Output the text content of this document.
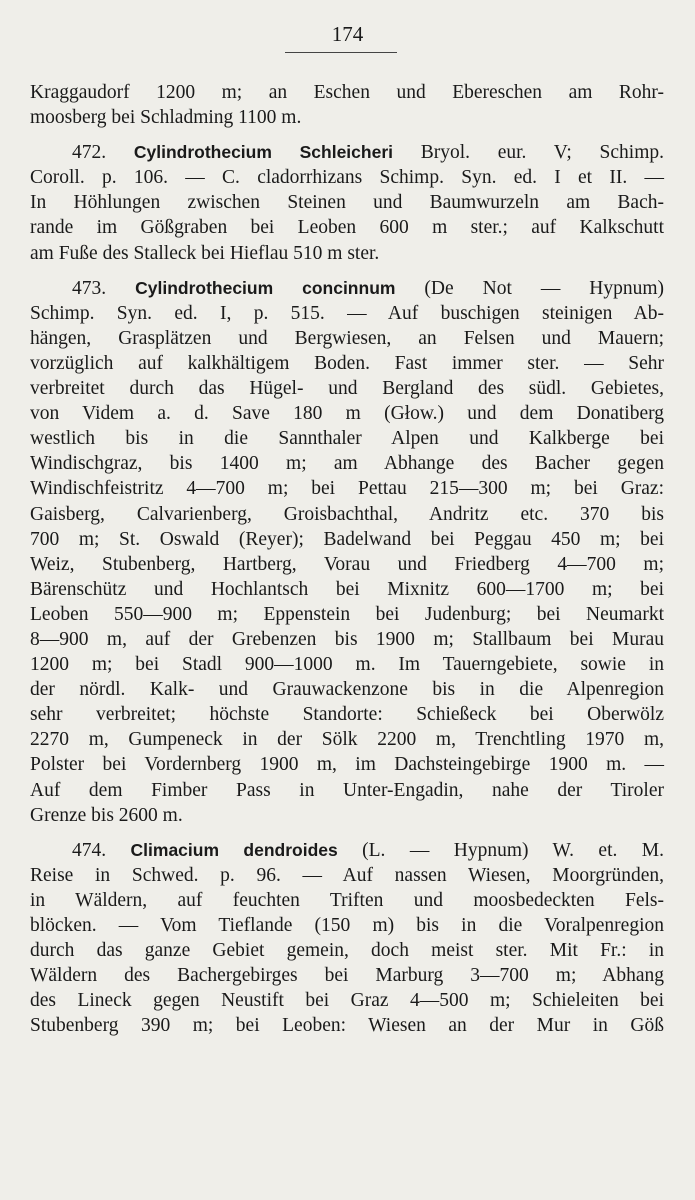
174
Kraggaudorf 1200 m; an Eschen und Ebereschen am Rohr-
moosberg bei Schladming 1100 m.
472. Cylindrothecium Schleicheri Bryol. eur. V; Schimp.
Coroll. p. 106. — C. cladorrhizans Schimp. Syn. ed. I et II. —
In Höhlungen zwischen Steinen und Baumwurzeln am Bach-
rande im Gößgraben bei Leoben 600 m ster.; auf Kalkschutt
am Fuße des Stalleck bei Hieflau 510 m ster.
473. Cylindrothecium concinnum (De Not — Hypnum)
Schimp. Syn. ed. I, p. 515. — Auf buschigen steinigen Ab-
hängen, Grasplätzen und Bergwiesen, an Felsen und Mauern;
vorzüglich auf kalkhältigem Boden. Fast immer ster. — Sehr
verbreitet durch das Hügel- und Bergland des südl. Gebietes,
von Videm a. d. Save 180 m (Głow.) und dem Donatiberg
westlich bis in die Sannthaler Alpen und Kalkberge bei
Windischgraz, bis 1400 m; am Abhange des Bacher gegen
Windischfeistritz 4—700 m; bei Pettau 215—300 m; bei Graz:
Gaisberg, Calvarienberg, Groisbachthal, Andritz etc. 370 bis
700 m; St. Oswald (Reyer); Badelwand bei Peggau 450 m; bei
Weiz, Stubenberg, Hartberg, Vorau und Friedberg 4—700 m;
Bärenschütz und Hochlantsch bei Mixnitz 600—1700 m; bei
Leoben 550—900 m; Eppenstein bei Judenburg; bei Neumarkt
8—900 m, auf der Grebenzen bis 1900 m; Stallbaum bei Murau
1200 m; bei Stadl 900—1000 m. Im Tauerngebiete, sowie in
der nördl. Kalk- und Grauwackenzone bis in die Alpenregion
sehr verbreitet; höchste Standorte: Schießeck bei Oberwölz
2270 m, Gumpeneck in der Sölk 2200 m, Trenchtling 1970 m,
Polster bei Vordernberg 1900 m, im Dachsteingebirge 1900 m. —
Auf dem Fimber Pass in Unter-Engadin, nahe der Tiroler
Grenze bis 2600 m.
474. Climacium dendroides (L. — Hypnum) W. et. M.
Reise in Schwed. p. 96. — Auf nassen Wiesen, Moorgründen,
in Wäldern, auf feuchten Triften und moosbedeckten Fels-
blöcken. — Vom Tieflande (150 m) bis in die Voralpenregion
durch das ganze Gebiet gemein, doch meist ster. Mit Fr.: in
Wäldern des Bachergebirges bei Marburg 3—700 m; Abhang
des Lineck gegen Neustift bei Graz 4—500 m; Schieleiten bei
Stubenberg 390 m; bei Leoben: Wiesen an der Mur in Göß
